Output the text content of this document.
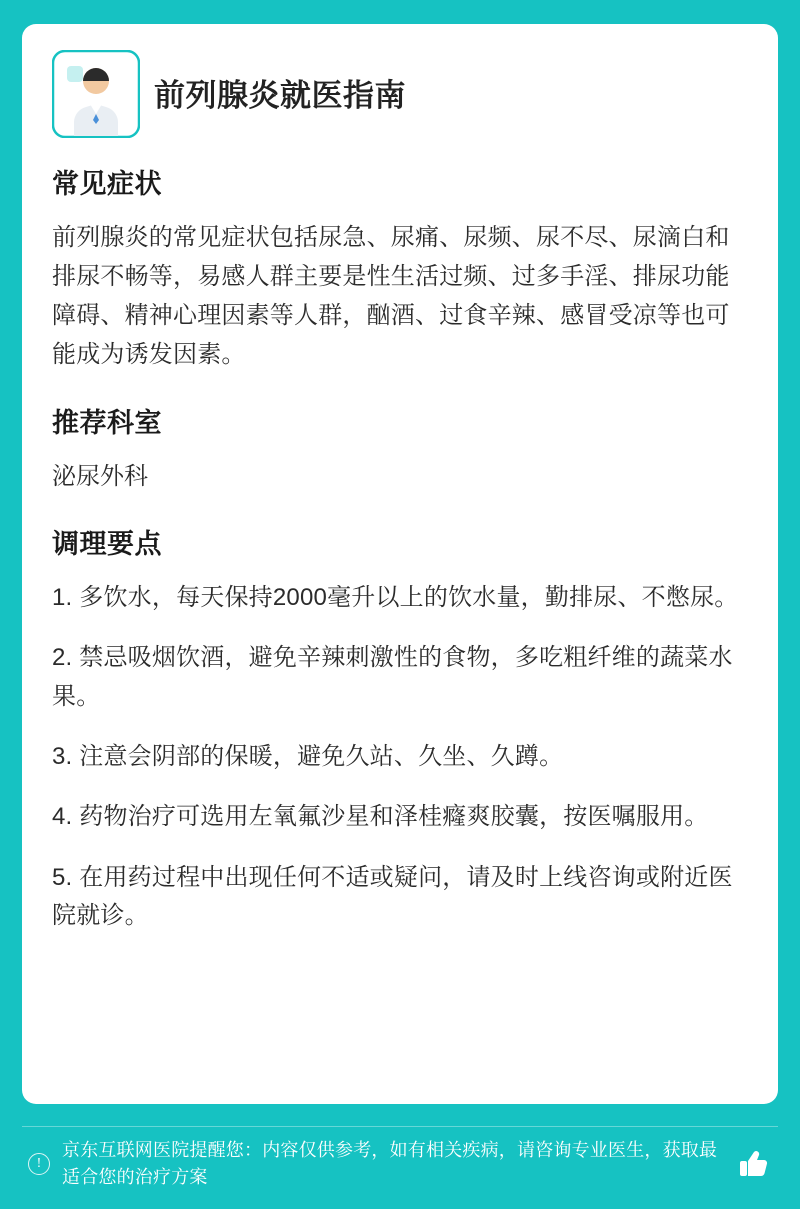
前列腺炎就医指南
常见症状

前列腺炎的常见症状包括尿急、尿痛、尿频、尿不尽、尿滴白和排尿不畅等，易感人群主要是性生活过频、过多手淫、排尿功能障碍、精神心理因素等人群，酗酒、过食辛辣、感冒受凉等也可能成为诱发因素。

推荐科室

泌尿外科

调理要点

1. 多饮水，每天保持2000毫升以上的饮水量，勤排尿、不憋尿。

2. 禁忌吸烟饮酒，避免辛辣刺激性的食物，多吃粗纤维的蔬菜水果。

3. 注意会阴部的保暖，避免久站、久坐、久蹲。

4. 药物治疗可选用左氧氟沙星和泽桂癃爽胶囊，按医嘱服用。

5. 在用药过程中出现任何不适或疑问，请及时上线咨询或附近医院就诊。

!
京东互联网医院提醒您：内容仅供参考，如有相关疾病，请咨询专业医生，获取最适合您的治疗方案
